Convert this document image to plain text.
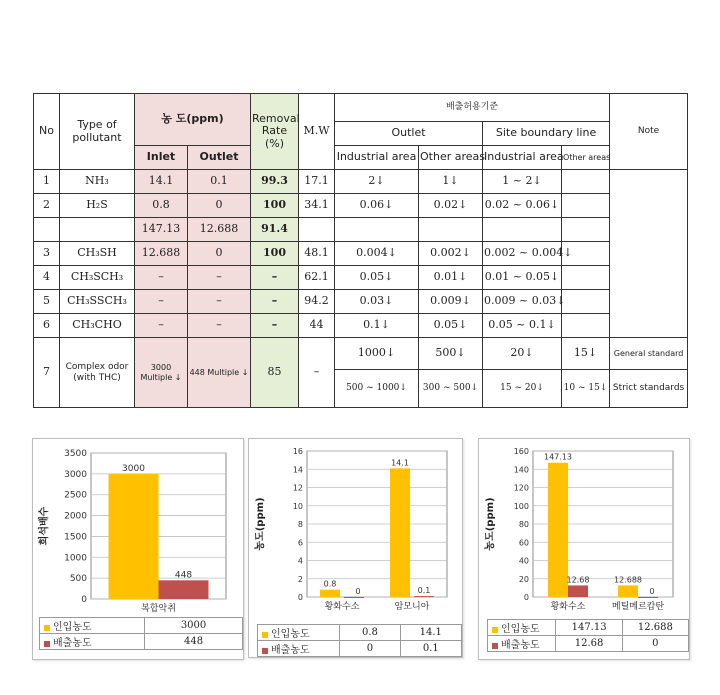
No	Type of pollutant	농 도(ppm)		Removal Rate (%)	M.W	배출허용기준				Note
						Outlet		Site boundary line		
		Inlet	Outlet			Industrial area	Other areas	Industrial area	Other areas	
1	NH₃	14.1	0.1	99.3	17.1	2↓	1↓	1 ~ 2↓		
2	H₂S	0.8	0	100	34.1	0.06↓	0.02↓	0.02 ~ 0.06↓		
		147.13	12.688	91.4						
3	CH₃SH	12.688	0	100	48.1	0.004↓	0.002↓	0.002 ~ 0.004↓		
4	CH₃SCH₃	–	–	–	62.1	0.05↓	0.01↓	0.01 ~ 0.05↓		
5	CH₃SSCH₃	–	–	–	94.2	0.03↓	0.009↓	0.009 ~ 0.03↓		
6	CH₃CHO	–	–	–	44	0.1↓	0.05↓	0.05 ~ 0.1↓		
7	Complex odor (with THC)	3000 Multiple ↓	448 Multiple ↓	85	–	1000↓	500↓	20↓	15↓	General standard
						500 ~ 1000↓	300 ~ 500↓	15 ~ 20↓	10 ~ 15↓	Strict standards
0
500
1000
1500
2000
2500
3000
3500
희석배수
3000
448
복합악취
인입농도	3000
배출농도	448
0
2
4
6
8
10
12
14
16
농도(ppm)
0.8
0
황화수소
14.1
0.1
암모니아
인입농도	0.8	14.1
배출농도	0	0.1
0
20
40
60
80
100
120
140
160
농도(ppm)
147.13
12.68
황화수소
12.688
0
메틸메르캅탄
인입농도	147.13	12.688
배출농도	12.68	0
